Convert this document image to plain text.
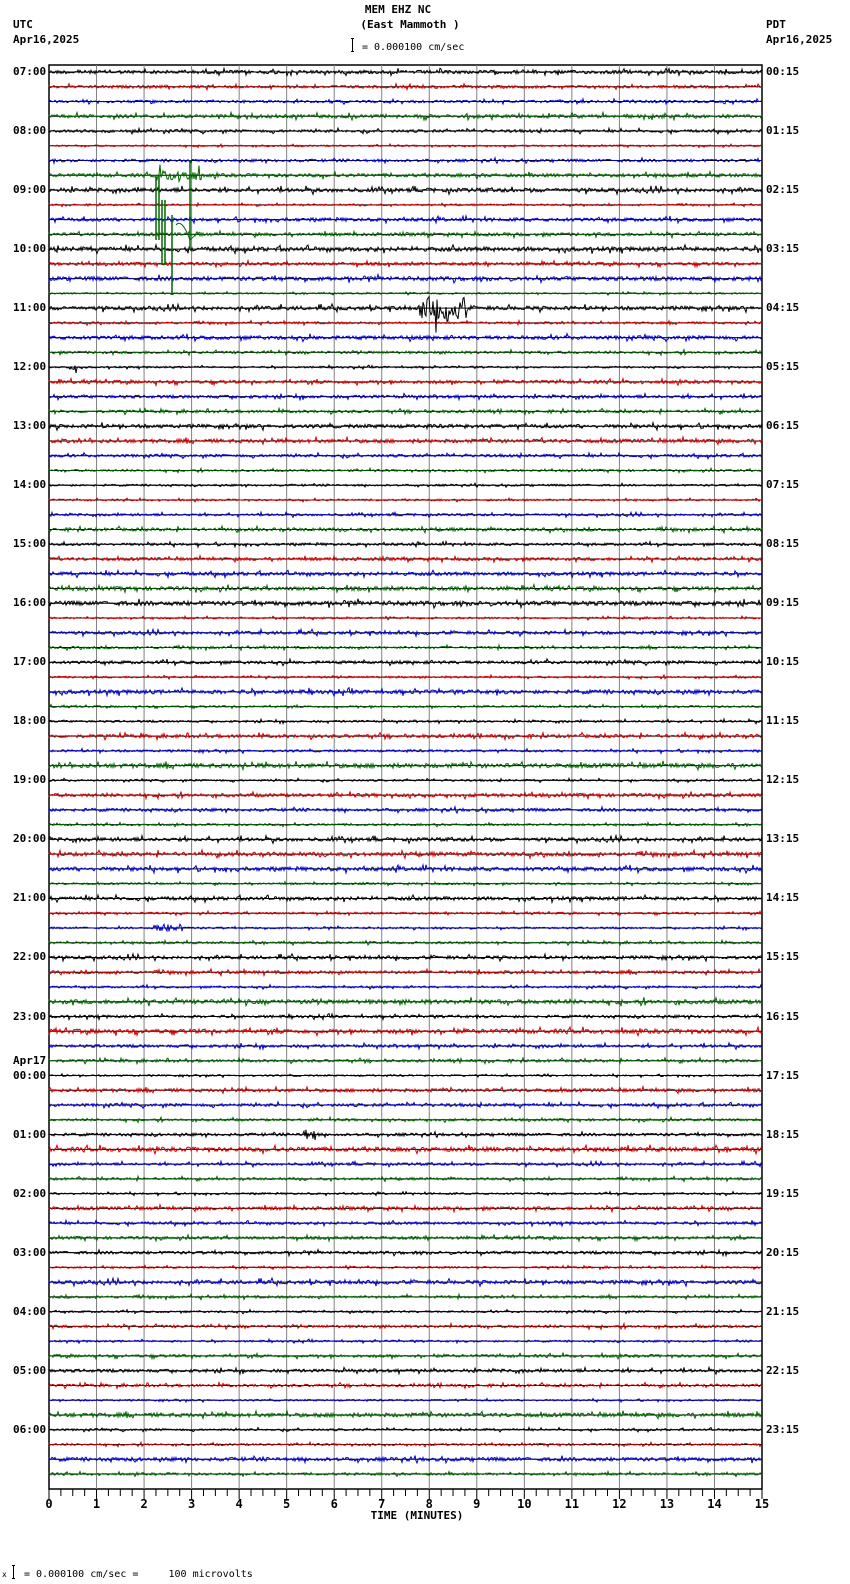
MEM EHZ NC
(East Mammoth )
UTC
Apr16,2025
PDT
Apr16,2025
= 0.000100 cm/sec
07:00
08:00
09:00
10:00
11:00
12:00
13:00
14:00
15:00
16:00
17:00
18:00
19:00
20:00
21:00
22:00
23:00
Apr17
00:00
01:00
02:00
03:00
04:00
05:00
06:00
00:15
01:15
02:15
03:15
04:15
05:15
06:15
07:15
08:15
09:15
10:15
11:15
12:15
13:15
14:15
15:15
16:15
17:15
18:15
19:15
20:15
21:15
22:15
23:15
0	1	2	3	4	5	6	7	8	9	10	11	12	13	14	15
TIME (MINUTES)
x = 0.000100 cm/sec =     100 microvolts
